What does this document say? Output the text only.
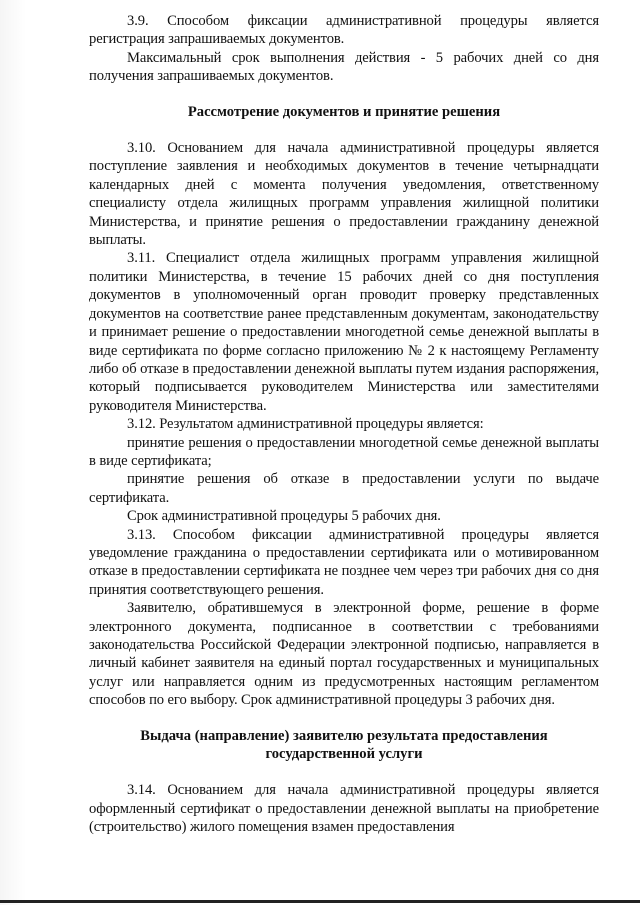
3.9. Способом фиксации административной процедуры является регистрация запрашиваемых документов.

Максимальный срок выполнения действия - 5 рабочих дней со дня получения запрашиваемых документов.

Рассмотрение документов и принятие решения

3.10. Основанием для начала административной процедуры является поступление заявления и необходимых документов в течение четырнадцати календарных дней с момента получения уведомления, ответственному специалисту отдела жилищных программ управления жилищной политики Министерства, и принятие решения о предоставлении гражданину денежной выплаты.

3.11. Специалист отдела жилищных программ управления жилищной политики Министерства, в течение 15 рабочих дней со дня поступления документов в уполномоченный орган проводит проверку представленных документов на соответствие ранее представленным документам, законодательству и принимает решение о предоставлении многодетной семье денежной выплаты в виде сертификата по форме согласно приложению № 2 к настоящему Регламенту либо об отказе в предоставлении денежной выплаты путем издания распоряжения, который подписывается руководителем Министерства или заместителями руководителя Министерства.

3.12. Результатом административной процедуры является:

принятие решения о предоставлении многодетной семье денежной выплаты в виде сертификата;

принятие решения об отказе в предоставлении услуги по выдаче сертификата.

Срок административной процедуры 5 рабочих дня.

3.13. Способом фиксации административной процедуры является уведомление гражданина о предоставлении сертификата или о мотивированном отказе в предоставлении сертификата не позднее чем через три рабочих дня со дня принятия соответствующего решения.

Заявителю, обратившемуся в электронной форме, решение в форме электронного документа, подписанное в соответствии с требованиями законодательства Российской Федерации электронной подписью, направляется в личный кабинет заявителя на единый портал государственных и муниципальных услуг или направляется одним из предусмотренных настоящим регламентом способов по его выбору. Срок административной процедуры 3 рабочих дня.

Выдача (направление) заявителю результата предоставления

государственной услуги

3.14. Основанием для начала административной процедуры является оформленный сертификат о предоставлении денежной выплаты на приобретение (строительство) жилого помещения взамен предоставления
